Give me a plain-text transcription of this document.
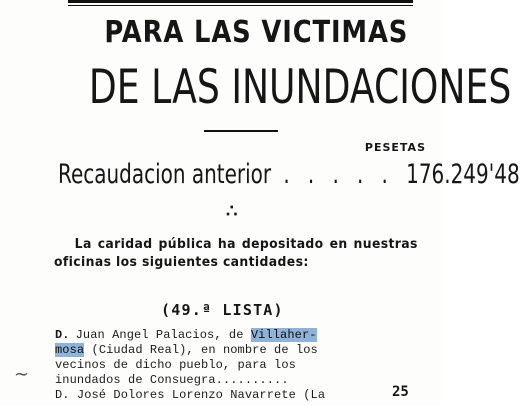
PARA LAS VICTIMAS
DE LAS INUNDACIONES
PESETAS
Recaudacion anterior . . . . . 176.249'48
∴
La caridad pública ha depositado en nuestras oficinas los siguientes cantidades:
(49.ª LISTA)
D. Juan Angel Palacios, de Villaher-
mosa (Ciudad Real), en nombre de los
vecinos de dicho pueblo, para los
inundados de Consuegra..........
D. José Dolores Lorenzo Navarrete (La	25
∼
